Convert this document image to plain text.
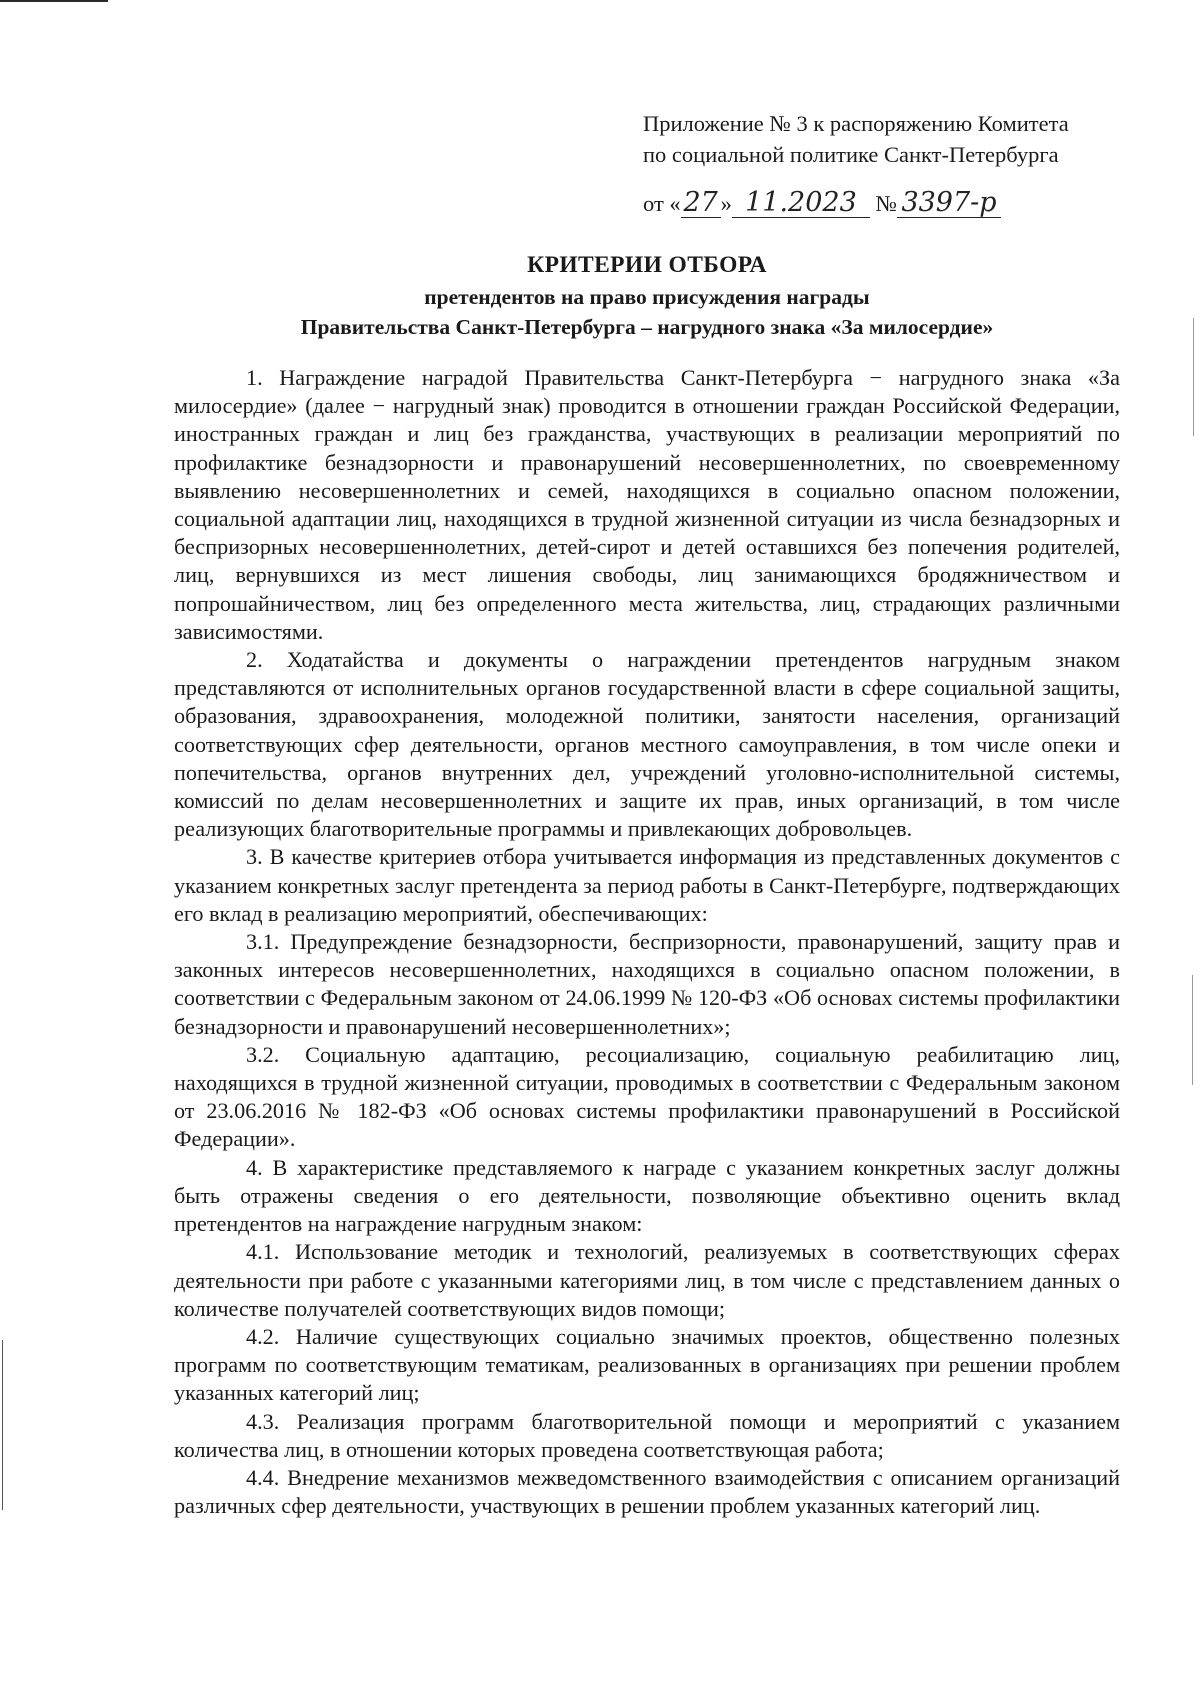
Приложение № 3 к распоряжению Комитета
по социальной политике Санкт-Петербурга
от « 27 » 11.2023 № 3397-р
КРИТЕРИИ ОТБОРА
претендентов на право присуждения награды
Правительства Санкт-Петербурга – нагрудного знака «За милосердие»

1. Награждение наградой Правительства Санкт-Петербурга − нагрудного знака «За милосердие» (далее − нагрудный знак) проводится в отношении граждан Российской Федерации, иностранных граждан и лиц без гражданства, участвующих в реализации мероприятий по профилактике безнадзорности и правонарушений несовершеннолетних, по своевременному выявлению несовершеннолетних и семей, находящихся в социально опасном положении, социальной адаптации лиц, находящихся в трудной жизненной ситуации из числа безнадзорных и беспризорных несовершеннолетних, детей-сирот и детей оставшихся без попечения родителей, лиц, вернувшихся из мест лишения свободы, лиц занимающихся бродяжничеством и попрошайничеством, лиц без определенного места жительства, лиц, страдающих различными зависимостями.

2. Ходатайства и документы о награждении претендентов нагрудным знаком представляются от исполнительных органов государственной власти в сфере социальной защиты, образования, здравоохранения, молодежной политики, занятости населения, организаций соответствующих сфер деятельности, органов местного самоуправления, в том числе опеки и попечительства, органов внутренних дел, учреждений уголовно-исполнительной системы, комиссий по делам несовершеннолетних и защите их прав, иных организаций, в том числе реализующих благотворительные программы и привлекающих добровольцев.

3. В качестве критериев отбора учитывается информация из представленных документов с указанием конкретных заслуг претендента за период работы в Санкт-Петербурге, подтверждающих его вклад в реализацию мероприятий, обеспечивающих:

3.1. Предупреждение безнадзорности, беспризорности, правонарушений, защиту прав и законных интересов несовершеннолетних, находящихся в социально опасном положении, в соответствии с Федеральным законом от 24.06.1999 № 120-ФЗ «Об основах системы профилактики безнадзорности и правонарушений несовершеннолетних»;

3.2. Социальную адаптацию, ресоциализацию, социальную реабилитацию лиц, находящихся в трудной жизненной ситуации, проводимых в соответствии с Федеральным законом от 23.06.2016 № 182-ФЗ «Об основах системы профилактики правонарушений в Российской Федерации».

4. В характеристике представляемого к награде с указанием конкретных заслуг должны быть отражены сведения о его деятельности, позволяющие объективно оценить вклад претендентов на награждение нагрудным знаком:

4.1. Использование методик и технологий, реализуемых в соответствующих сферах деятельности при работе с указанными категориями лиц, в том числе с представлением данных о количестве получателей соответствующих видов помощи;

4.2. Наличие существующих социально значимых проектов, общественно полезных программ по соответствующим тематикам, реализованных в организациях при решении проблем указанных категорий лиц;

4.3. Реализация программ благотворительной помощи и мероприятий с указанием количества лиц, в отношении которых проведена соответствующая работа;

4.4. Внедрение механизмов межведомственного взаимодействия с описанием организаций различных сфер деятельности, участвующих в решении проблем указанных категорий лиц.
